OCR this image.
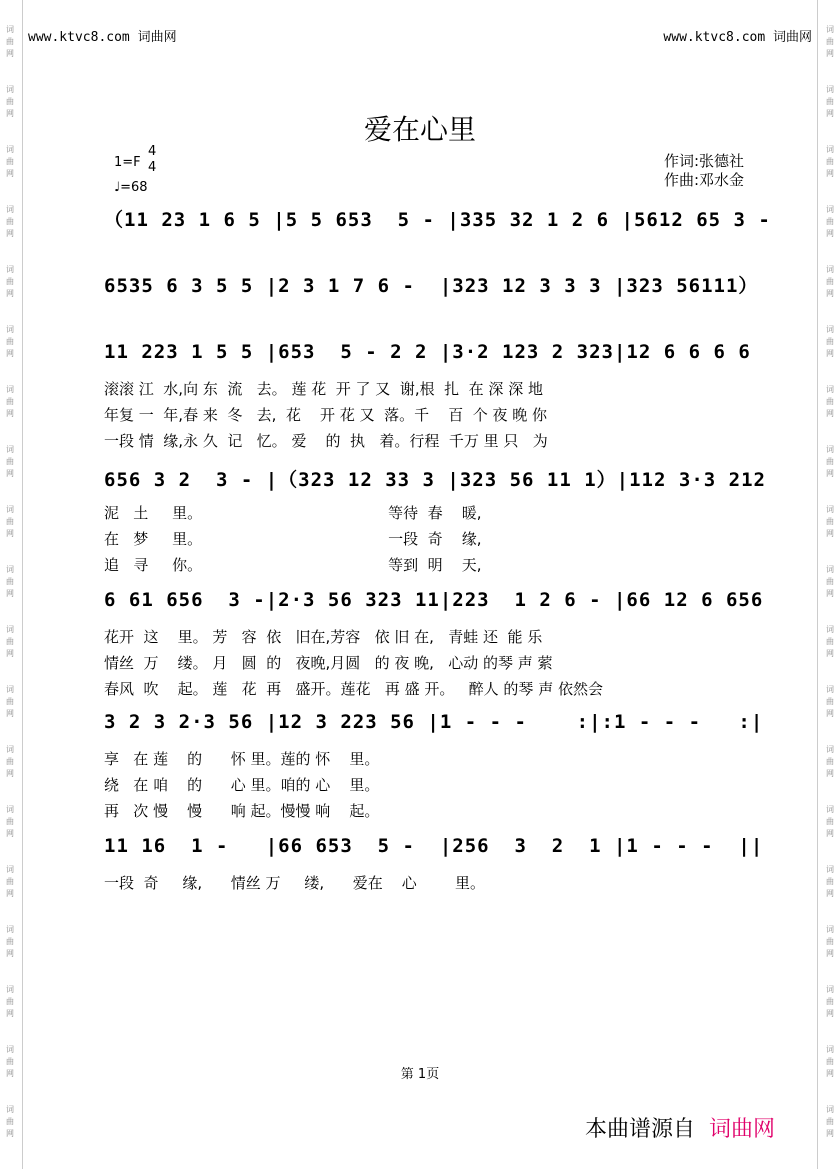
词
曲
网
词
曲
网
词
曲
网
词
曲
网
词
曲
网
词
曲
网
词
曲
网
词
曲
网
词
曲
网
词
曲
网
词
曲
网
词
曲
网
词
曲
网
词
曲
网
词
曲
网
词
曲
网
词
曲
网
词
曲
网
词
曲
网
词
曲
网
词
曲
网
词
曲
网
词
曲
网
词
曲
网
词
曲
网
词
曲
网
词
曲
网
词
曲
网
词
曲
网
词
曲
网
词
曲
网
词
曲
网
词
曲
网
词
曲
网
词
曲
网
词
曲
网
词
曲
网
词
曲
网
www.ktvc8.com 词曲网	www.ktvc8.com 词曲网
爱在心里
1=F
4
4
♩=68
作词:张德社
作曲:邓水金
（11 23 1 6 5 |5 5 653  5 - |335 32 1 2 6 |5612 65 3 -
6535 6 3 5 5 |2 3 1 7 6 -  |323 12 3 3 3 |323 56111）
11 223 1 5 5 |653  5 - 2 2 |3·2 123 2 323|12 6 6 6 6
656 3 2  3 - |（323 12 33 3 |323 56 11 1）|112 3·3 212
6 61 656  3 -|2·3 56 323 11|223  1 2 6 - |66 12 6 656
3 2 3 2·3 56 |12 3 223 56 |1 - - -    :|:1 - - -   :|
11 16  1 -   |66 653  5 -  |256  3  2  1 |1 - - -  ||
滚滚 江  水,向 东  流   去。 莲 花  开 了 又  谢,根  扎  在 深 深 地
年复 一  年,春 来  冬   去,  花    开 花 又  落。千    百  个 夜 晚 你
一段 情  缘,永 久  记   忆。 爱    的  执   着。行程  千万 里 只   为
泥   土     里。                                       等待  春    暖,
在   梦     里。                                       一段  奇    缘,
追   寻     你。                                       等到  明    天,
花开  这    里。 芳   容  依   旧在,芳容   依 旧 在,   青蛙 还  能 乐
情丝  万    缕。 月   圆  的   夜晚,月圆   的 夜 晚,   心动 的琴 声 萦
春风  吹    起。 莲   花  再   盛开。莲花   再 盛 开。   醉人 的琴 声 依然会
享   在 莲    的      怀 里。莲的 怀    里。
绕   在 咱    的      心 里。咱的 心    里。
再   次 慢    慢      响 起。慢慢 响    起。
一段  奇     缘,      情丝 万     缕,      爱在    心        里。
第 1页
本曲谱源自 词曲网
